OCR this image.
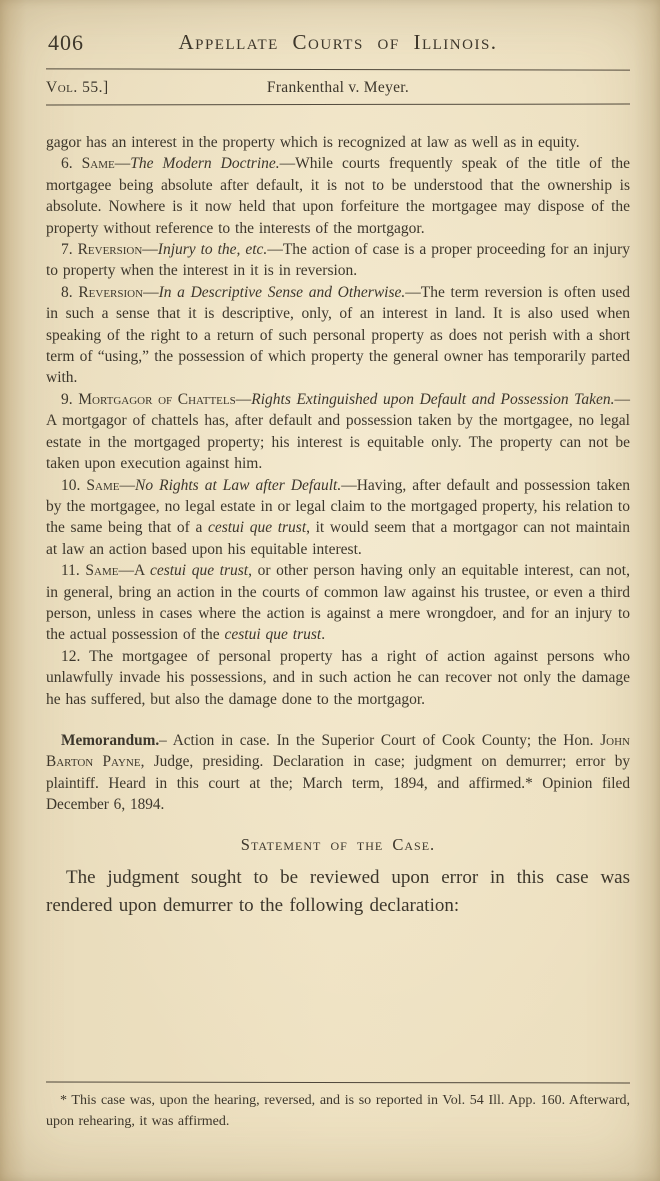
406	Appellate Courts of Illinois.
Vol. 55.]	Frankenthal v. Meyer.

gagor has an interest in the property which is recognized at law as well as in equity.

6. Same—The Modern Doctrine.—While courts frequently speak of the title of the mortgagee being absolute after default, it is not to be understood that the ownership is absolute. Nowhere is it now held that upon forfeiture the mortgagee may dispose of the property without reference to the interests of the mortgagor.

7. Reversion—Injury to the, etc.—The action of case is a proper proceeding for an injury to property when the interest in it is in reversion.

8. Reversion—In a Descriptive Sense and Otherwise.—The term reversion is often used in such a sense that it is descriptive, only, of an interest in land. It is also used when speaking of the right to a return of such personal property as does not perish with a short term of “using,” the possession of which property the general owner has temporarily parted with.

9. Mortgagor of Chattels—Rights Extinguished upon Default and Possession Taken.—A mortgagor of chattels has, after default and possession taken by the mortgagee, no legal estate in the mortgaged property; his interest is equitable only. The property can not be taken upon execution against him.

10. Same—No Rights at Law after Default.—Having, after default and possession taken by the mortgagee, no legal estate in or legal claim to the mortgaged property, his relation to the same being that of a cestui que trust, it would seem that a mortgagor can not maintain at law an action based upon his equitable interest.

11. Same—A cestui que trust, or other person having only an equitable interest, can not, in general, bring an action in the courts of common law against his trustee, or even a third person, unless in cases where the action is against a mere wrongdoer, and for an injury to the actual possession of the cestui que trust.

12. The mortgagee of personal property has a right of action against persons who unlawfully invade his possessions, and in such action he can recover not only the damage he has suffered, but also the damage done to the mortgagor.

Memorandum.– Action in case. In the Superior Court of Cook County; the Hon. John Barton Payne, Judge, presiding. Declaration in case; judgment on demurrer; error by plaintiff. Heard in this court at the; March term, 1894, and affirmed.* Opinion filed December 6, 1894.

Statement of the Case.

The judgment sought to be reviewed upon error in this case was rendered upon demurrer to the following declaration:

* This case was, upon the hearing, reversed, and is so reported in Vol. 54 Ill. App. 160. Afterward, upon rehearing, it was affirmed.
